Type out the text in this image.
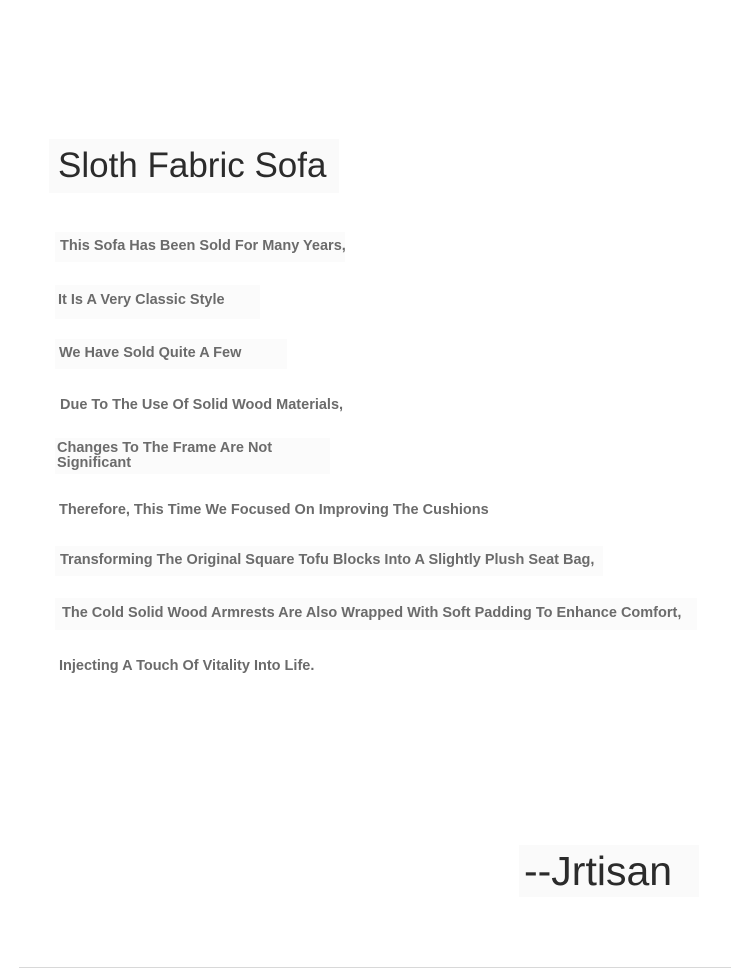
Sloth Fabric Sofa
This Sofa Has Been Sold For Many Years,
It Is A Very Classic Style
We Have Sold Quite A Few
Due To The Use Of Solid Wood Materials,
Changes To The Frame Are Not Significant
Therefore, This Time We Focused On Improving The Cushions
Transforming The Original Square Tofu Blocks Into A Slightly Plush Seat Bag,
The Cold Solid Wood Armrests Are Also Wrapped With Soft Padding To Enhance Comfort,
Injecting A Touch Of Vitality Into Life.
--Jrtisan
